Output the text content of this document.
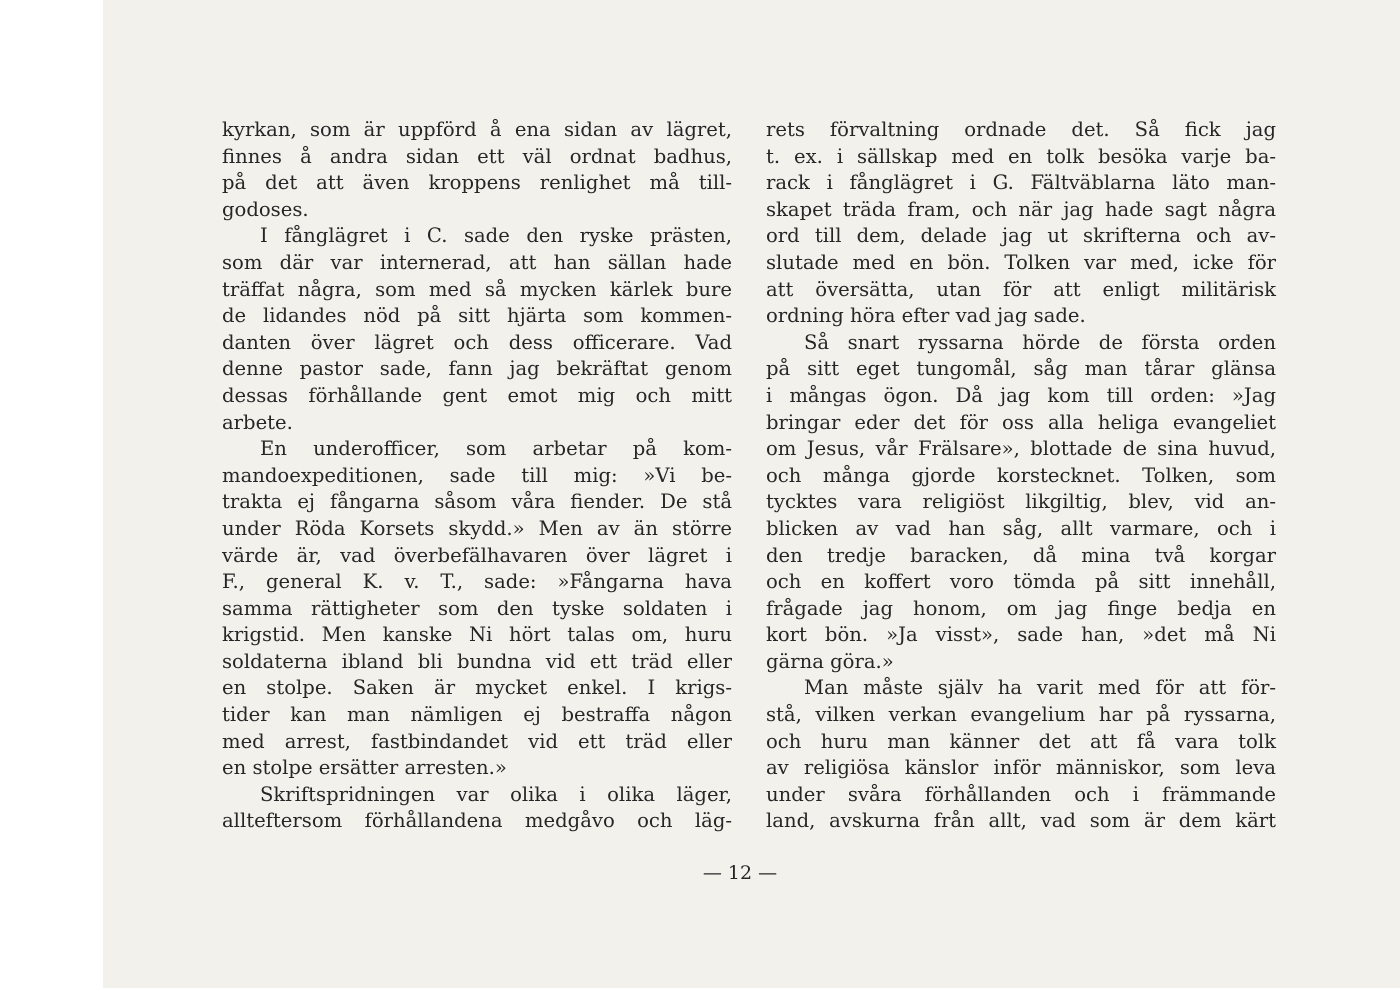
kyrkan, som är uppförd å ena sidan av lägret,
finnes å andra sidan ett väl ordnat badhus,
på det att även kroppens renlighet må till-
godoses.
I fånglägret i C. sade den ryske prästen,
som där var internerad, att han sällan hade
träffat några, som med så mycken kärlek bure
de lidandes nöd på sitt hjärta som kommen-
danten över lägret och dess officerare. Vad
denne pastor sade, fann jag bekräftat genom
dessas förhållande gent emot mig och mitt
arbete.
En underofficer, som arbetar på kom-
mandoexpeditionen, sade till mig: »Vi be-
trakta ej fångarna såsom våra fiender. De stå
under Röda Korsets skydd.» Men av än större
värde är, vad överbefälhavaren över lägret i
F., general K. v. T., sade: »Fångarna hava
samma rättigheter som den tyske soldaten i
krigstid. Men kanske Ni hört talas om, huru
soldaterna ibland bli bundna vid ett träd eller
en stolpe. Saken är mycket enkel. I krigs-
tider kan man nämligen ej bestraffa någon
med arrest, fastbindandet vid ett träd eller
en stolpe ersätter arresten.»
Skriftspridningen var olika i olika läger,
allteftersom förhållandena medgåvo och läg-
rets förvaltning ordnade det. Så fick jag
t. ex. i sällskap med en tolk besöka varje ba-
rack i fånglägret i G. Fältväblarna läto man-
skapet träda fram, och när jag hade sagt några
ord till dem, delade jag ut skrifterna och av-
slutade med en bön. Tolken var med, icke för
att översätta, utan för att enligt militärisk
ordning höra efter vad jag sade.
Så snart ryssarna hörde de första orden
på sitt eget tungomål, såg man tårar glänsa
i mångas ögon. Då jag kom till orden: »Jag
bringar eder det för oss alla heliga evangeliet
om Jesus, vår Frälsare», blottade de sina huvud,
och många gjorde korstecknet. Tolken, som
tycktes vara religiöst likgiltig, blev, vid an-
blicken av vad han såg, allt varmare, och i
den tredje baracken, då mina två korgar
och en koffert voro tömda på sitt innehåll,
frågade jag honom, om jag finge bedja en
kort bön. »Ja visst», sade han, »det må Ni
gärna göra.»
Man måste själv ha varit med för att för-
stå, vilken verkan evangelium har på ryssarna,
och huru man känner det att få vara tolk
av religiösa känslor inför människor, som leva
under svåra förhållanden och i främmande
land, avskurna från allt, vad som är dem kärt
— 12 —
